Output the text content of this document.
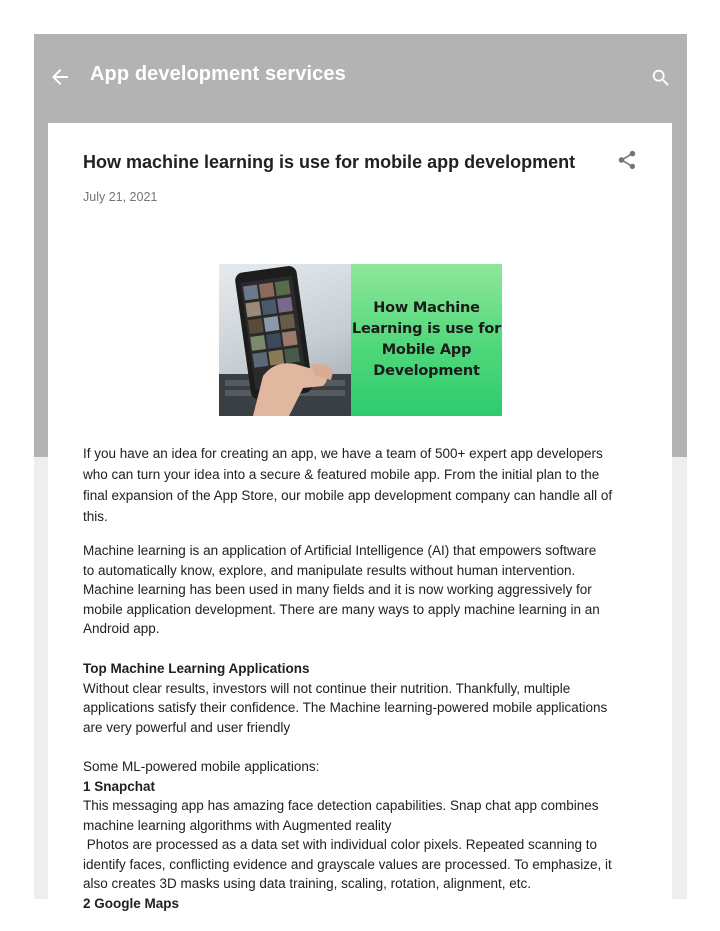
App development services
How machine learning is use for mobile app development
July 21, 2021
How Machine
Learning is use for
Mobile App
Development
If you have an idea for creating an app, we have a team of 500+ expert app developers
who can turn your idea into a secure & featured mobile app. From the initial plan to the
final expansion of the App Store, our mobile app development company can handle all of
this.
Machine learning is an application of Artificial Intelligence (AI) that empowers software
to automatically know, explore, and manipulate results without human intervention.
Machine learning has been used in many fields and it is now working aggressively for
mobile application development. There are many ways to apply machine learning in an
Android app.
Top Machine Learning Applications
Without clear results, investors will not continue their nutrition. Thankfully, multiple
applications satisfy their confidence. The Machine learning-powered mobile applications
are very powerful and user friendly
Some ML-powered mobile applications:
1 Snapchat
This messaging app has amazing face detection capabilities. Snap chat app combines
machine learning algorithms with Augmented reality
Photos are processed as a data set with individual color pixels. Repeated scanning to
identify faces, conflicting evidence and grayscale values are processed. To emphasize, it
also creates 3D masks using data training, scaling, rotation, alignment, etc.
2 Google Maps
